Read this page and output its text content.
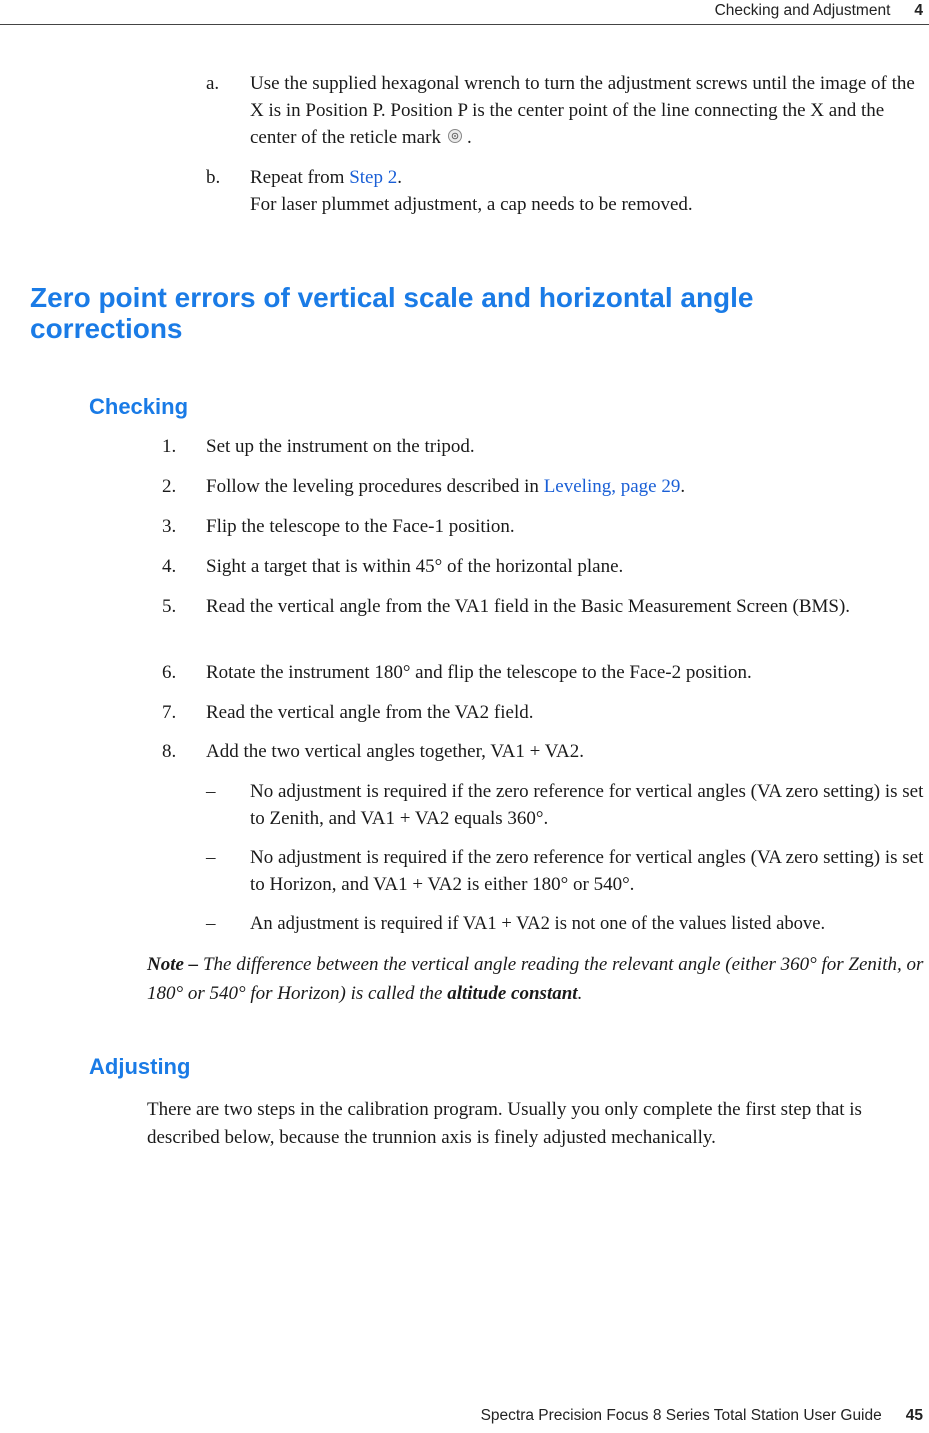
Checking and Adjustment 4
a. Use the supplied hexagonal wrench to turn the adjustment screws until the image of the X is in Position P. Position P is the center point of the line connecting the X and the center of the reticle mark .
b. Repeat from Step 2.
For laser plummet adjustment, a cap needs to be removed.
Zero point errors of vertical scale and horizontal angle corrections
Checking
1. Set up the instrument on the tripod.
2. Follow the leveling procedures described in Leveling, page 29.
3. Flip the telescope to the Face-1 position.
4. Sight a target that is within 45° of the horizontal plane.
5. Read the vertical angle from the VA1 field in the Basic Measurement Screen (BMS).
6. Rotate the instrument 180° and flip the telescope to the Face-2 position.
7. Read the vertical angle from the VA2 field.
8. Add the two vertical angles together, VA1 + VA2.
– No adjustment is required if the zero reference for vertical angles (VA zero setting) is set to Zenith, and VA1 + VA2 equals 360°.
– No adjustment is required if the zero reference for vertical angles (VA zero setting) is set to Horizon, and VA1 + VA2 is either 180° or 540°.
– An adjustment is required if VA1 + VA2 is not one of the values listed above.
Note – The difference between the vertical angle reading the relevant angle (either 360° for Zenith, or 180° or 540° for Horizon) is called the altitude constant.
Adjusting
There are two steps in the calibration program. Usually you only complete the first step that is described below, because the trunnion axis is finely adjusted mechanically.
Spectra Precision Focus 8 Series Total Station User Guide 45
